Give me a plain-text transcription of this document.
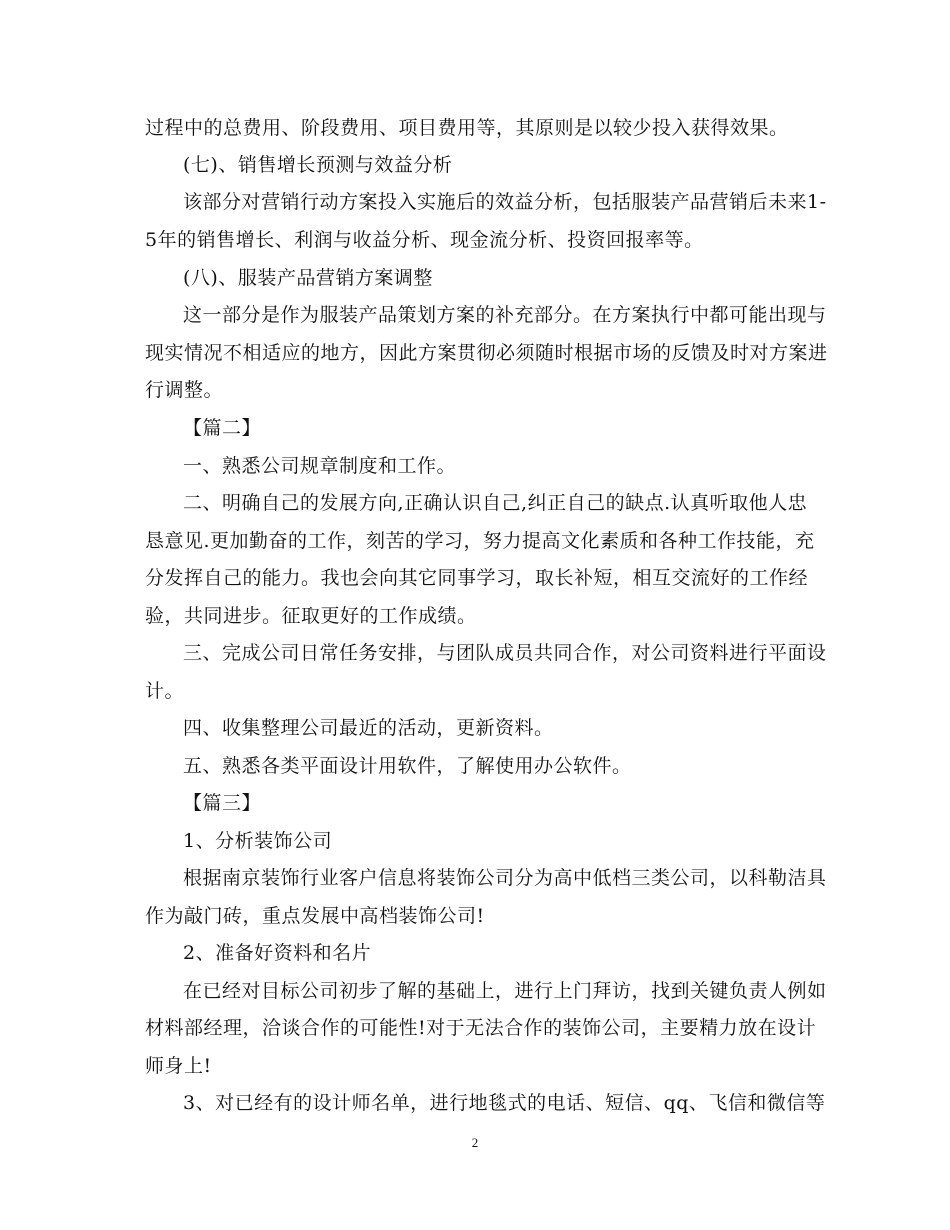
过程中的总费用、阶段费用、项目费用等，其原则是以较少投入获得效果。
(七)、销售增长预测与效益分析
该部分对营销行动方案投入实施后的效益分析，包括服装产品营销后未来1-
5年的销售增长、利润与收益分析、现金流分析、投资回报率等。
(八)、服装产品营销方案调整
这一部分是作为服装产品策划方案的补充部分。在方案执行中都可能出现与
现实情况不相适应的地方，因此方案贯彻必须随时根据市场的反馈及时对方案进
行调整。
【篇二】
一、熟悉公司规章制度和工作。
二、明确自己的发展方向,正确认识自己,纠正自己的缺点.认真听取他人忠
恳意见.更加勤奋的工作，刻苦的学习，努力提高文化素质和各种工作技能，充
分发挥自己的能力。我也会向其它同事学习，取长补短，相互交流好的工作经
验，共同进步。征取更好的工作成绩。
三、完成公司日常任务安排，与团队成员共同合作，对公司资料进行平面设
计。
四、收集整理公司最近的活动，更新资料。
五、熟悉各类平面设计用软件，了解使用办公软件。
【篇三】
1、分析装饰公司
根据南京装饰行业客户信息将装饰公司分为高中低档三类公司，以科勒洁具
作为敲门砖，重点发展中高档装饰公司!
2、准备好资料和名片
在已经对目标公司初步了解的基础上，进行上门拜访，找到关键负责人例如
材料部经理，洽谈合作的可能性!对于无法合作的装饰公司，主要精力放在设计
师身上!
3、对已经有的设计师名单，进行地毯式的电话、短信、qq、飞信和微信等
2
